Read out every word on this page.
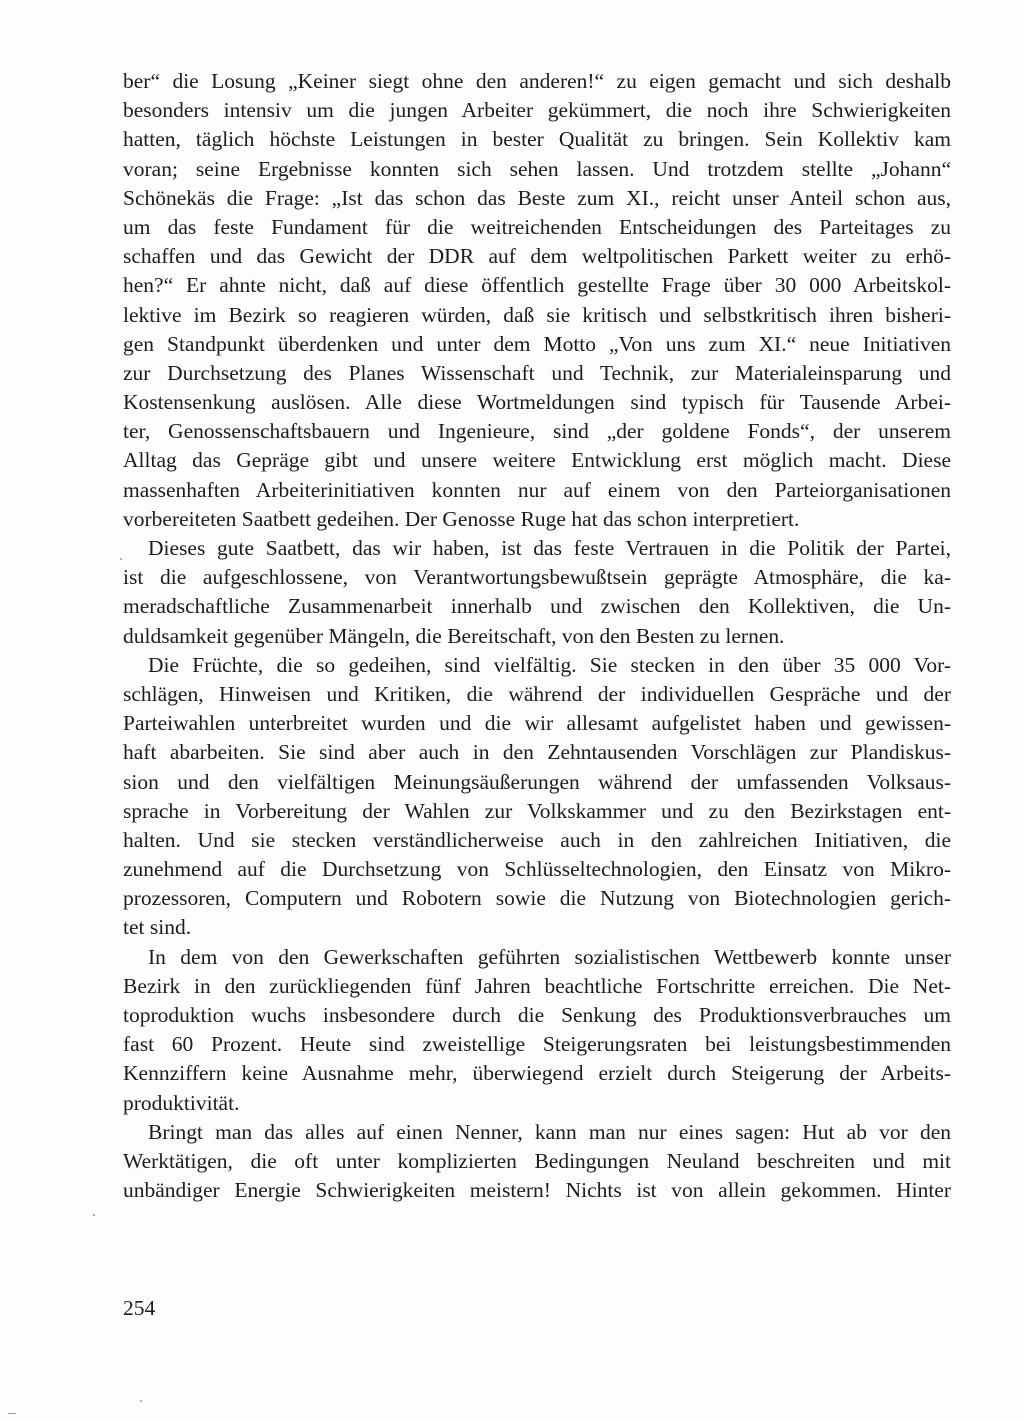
ber“ die Losung „Keiner siegt ohne den anderen!“ zu eigen gemacht und sich deshalb
besonders intensiv um die jungen Arbeiter gekümmert, die noch ihre Schwierigkeiten
hatten, täglich höchste Leistungen in bester Qualität zu bringen. Sein Kollektiv kam
voran; seine Ergebnisse konnten sich sehen lassen. Und trotzdem stellte „Johann“
Schönekäs die Frage: „Ist das schon das Beste zum XI., reicht unser Anteil schon aus,
um das feste Fundament für die weitreichenden Entscheidungen des Parteitages zu
schaffen und das Gewicht der DDR auf dem weltpolitischen Parkett weiter zu erhö-
hen?“ Er ahnte nicht, daß auf diese öffentlich gestellte Frage über 30 000 Arbeitskol-
lektive im Bezirk so reagieren würden, daß sie kritisch und selbstkritisch ihren bisheri-
gen Standpunkt überdenken und unter dem Motto „Von uns zum XI.“ neue Initiativen
zur Durchsetzung des Planes Wissenschaft und Technik, zur Materialeinsparung und
Kostensenkung auslösen. Alle diese Wortmeldungen sind typisch für Tausende Arbei-
ter, Genossenschaftsbauern und Ingenieure, sind „der goldene Fonds“, der unserem
Alltag das Gepräge gibt und unsere weitere Entwicklung erst möglich macht. Diese
massenhaften Arbeiterinitiativen konnten nur auf einem von den Parteiorganisationen
vorbereiteten Saatbett gedeihen. Der Genosse Ruge hat das schon interpretiert.
Dieses gute Saatbett, das wir haben, ist das feste Vertrauen in die Politik der Partei,
ist die aufgeschlossene, von Verantwortungsbewußtsein geprägte Atmosphäre, die ka-
meradschaftliche Zusammenarbeit innerhalb und zwischen den Kollektiven, die Un-
duldsamkeit gegenüber Mängeln, die Bereitschaft, von den Besten zu lernen.
Die Früchte, die so gedeihen, sind vielfältig. Sie stecken in den über 35 000 Vor-
schlägen, Hinweisen und Kritiken, die während der individuellen Gespräche und der
Parteiwahlen unterbreitet wurden und die wir allesamt aufgelistet haben und gewissen-
haft abarbeiten. Sie sind aber auch in den Zehntausenden Vorschlägen zur Plandiskus-
sion und den vielfältigen Meinungsäußerungen während der umfassenden Volksaus-
sprache in Vorbereitung der Wahlen zur Volkskammer und zu den Bezirkstagen ent-
halten. Und sie stecken verständlicherweise auch in den zahlreichen Initiativen, die
zunehmend auf die Durchsetzung von Schlüsseltechnologien, den Einsatz von Mikro-
prozessoren, Computern und Robotern sowie die Nutzung von Biotechnologien gerich-
tet sind.
In dem von den Gewerkschaften geführten sozialistischen Wettbewerb konnte unser
Bezirk in den zurückliegenden fünf Jahren beachtliche Fortschritte erreichen. Die Net-
toproduktion wuchs insbesondere durch die Senkung des Produktionsverbrauches um
fast 60 Prozent. Heute sind zweistellige Steigerungsraten bei leistungsbestimmenden
Kennziffern keine Ausnahme mehr, überwiegend erzielt durch Steigerung der Arbeits-
produktivität.
Bringt man das alles auf einen Nenner, kann man nur eines sagen: Hut ab vor den
Werktätigen, die oft unter komplizierten Bedingungen Neuland beschreiten und mit
unbändiger Energie Schwierigkeiten meistern! Nichts ist von allein gekommen. Hinter
254
